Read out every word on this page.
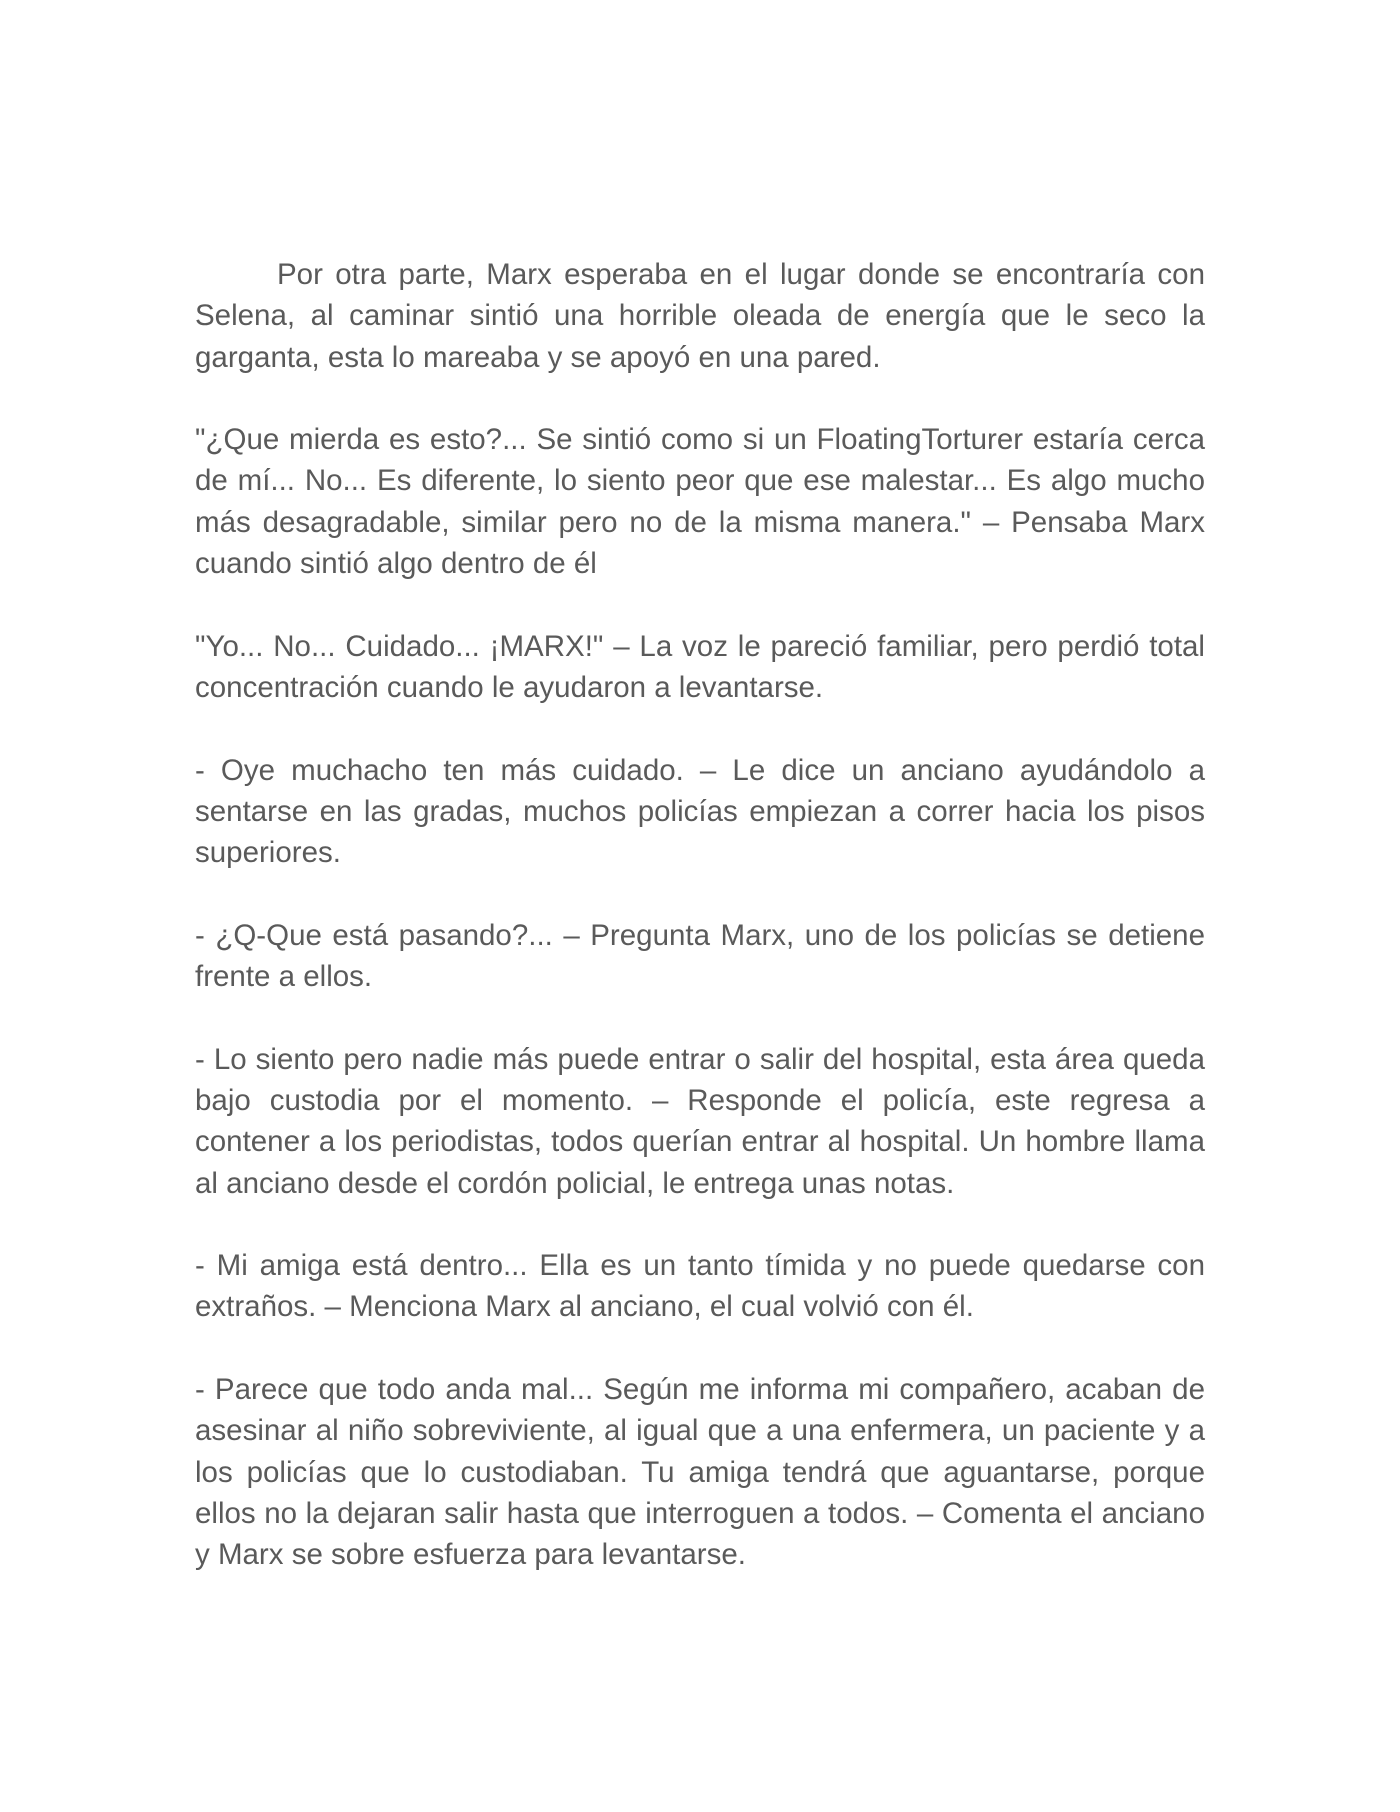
Por otra parte, Marx esperaba en el lugar donde se encontraría con Selena, al caminar sintió una horrible oleada de energía que le seco la garganta, esta lo mareaba y se apoyó en una pared.

"¿Que mierda es esto?... Se sintió como si un FloatingTorturer estaría cerca de mí... No... Es diferente, lo siento peor que ese malestar... Es algo mucho más desagradable, similar pero no de la misma manera." – Pensaba Marx cuando sintió algo dentro de él

"Yo... No... Cuidado... ¡MARX!" – La voz le pareció familiar, pero perdió total concentración cuando le ayudaron a levantarse.

- Oye muchacho ten más cuidado. – Le dice un anciano ayudándolo a sentarse en las gradas, muchos policías empiezan a correr hacia los pisos superiores.

- ¿Q-Que está pasando?... – Pregunta Marx, uno de los policías se detiene frente a ellos.

- Lo siento pero nadie más puede entrar o salir del hospital, esta área queda bajo custodia por el momento. – Responde el policía, este regresa a contener a los periodistas, todos querían entrar al hospital. Un hombre llama al anciano desde el cordón policial, le entrega unas notas.

- Mi amiga está dentro... Ella es un tanto tímida y no puede quedarse con extraños. – Menciona Marx al anciano, el cual volvió con él.

- Parece que todo anda mal... Según me informa mi compañero, acaban de asesinar al niño sobreviviente, al igual que a una enfermera, un paciente y a los policías que lo custodiaban. Tu amiga tendrá que aguantarse, porque ellos no la dejaran salir hasta que interroguen a todos. – Comenta el anciano y Marx se sobre esfuerza para levantarse.
